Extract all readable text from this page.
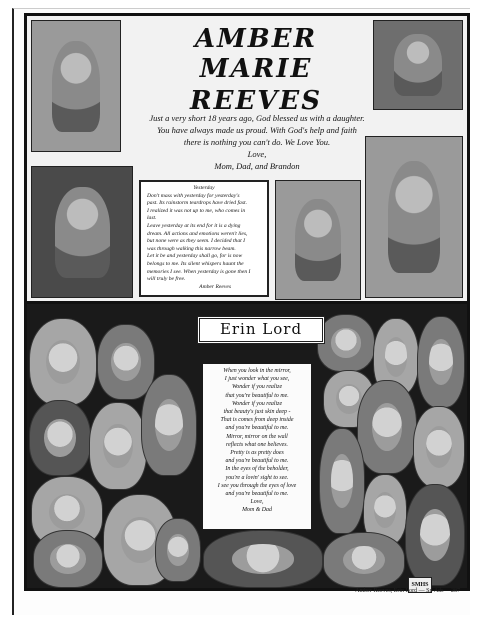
AMBER MARIE
REEVES

Just a very short 18 years ago, God blessed us with a daughter.

You have always made us proud. With God's help and faith

there is nothing you can't do. We Love You.

Love,

Mom, Dad, and Brandon

Yesterday
Don't mass with yesterday for yesterday's
past. Its rainstorm teardrops have dried fast.
I realized it was not up to me, who comes in
last.
Leave yesterday at its end for it is a dying
dream. All actions and emotions weren't lies,
but none were as they seem. I decided that I
was through walking this narrow beam.
Let it be and yesterday shall go, for is now
belongs to me. Its silent whispers haunt the
memories I see. When yesterday is gone then I
will truly be free.
Amber Reeves
Erin Lord

When you look in the mirror,

I just wonder what you see,

Wonder if you realize

that you're beautiful to me.

Wonder if you realize

that beauty's just skin deep -

That is comes from deep inside

and you're beautiful to me.

Mirror, mirror on the wall

reflects what one believes.

Pretty is as pretty does

and you're beautiful to me.

In the eyes of the beholder,

you're a lovin' sight to see.

I see you through the eyes of love

and you're beautiful to me.

Love,

Mom & Dad

SMHS
Amber Reeves, Erin Lord — Sr. Ads 287
